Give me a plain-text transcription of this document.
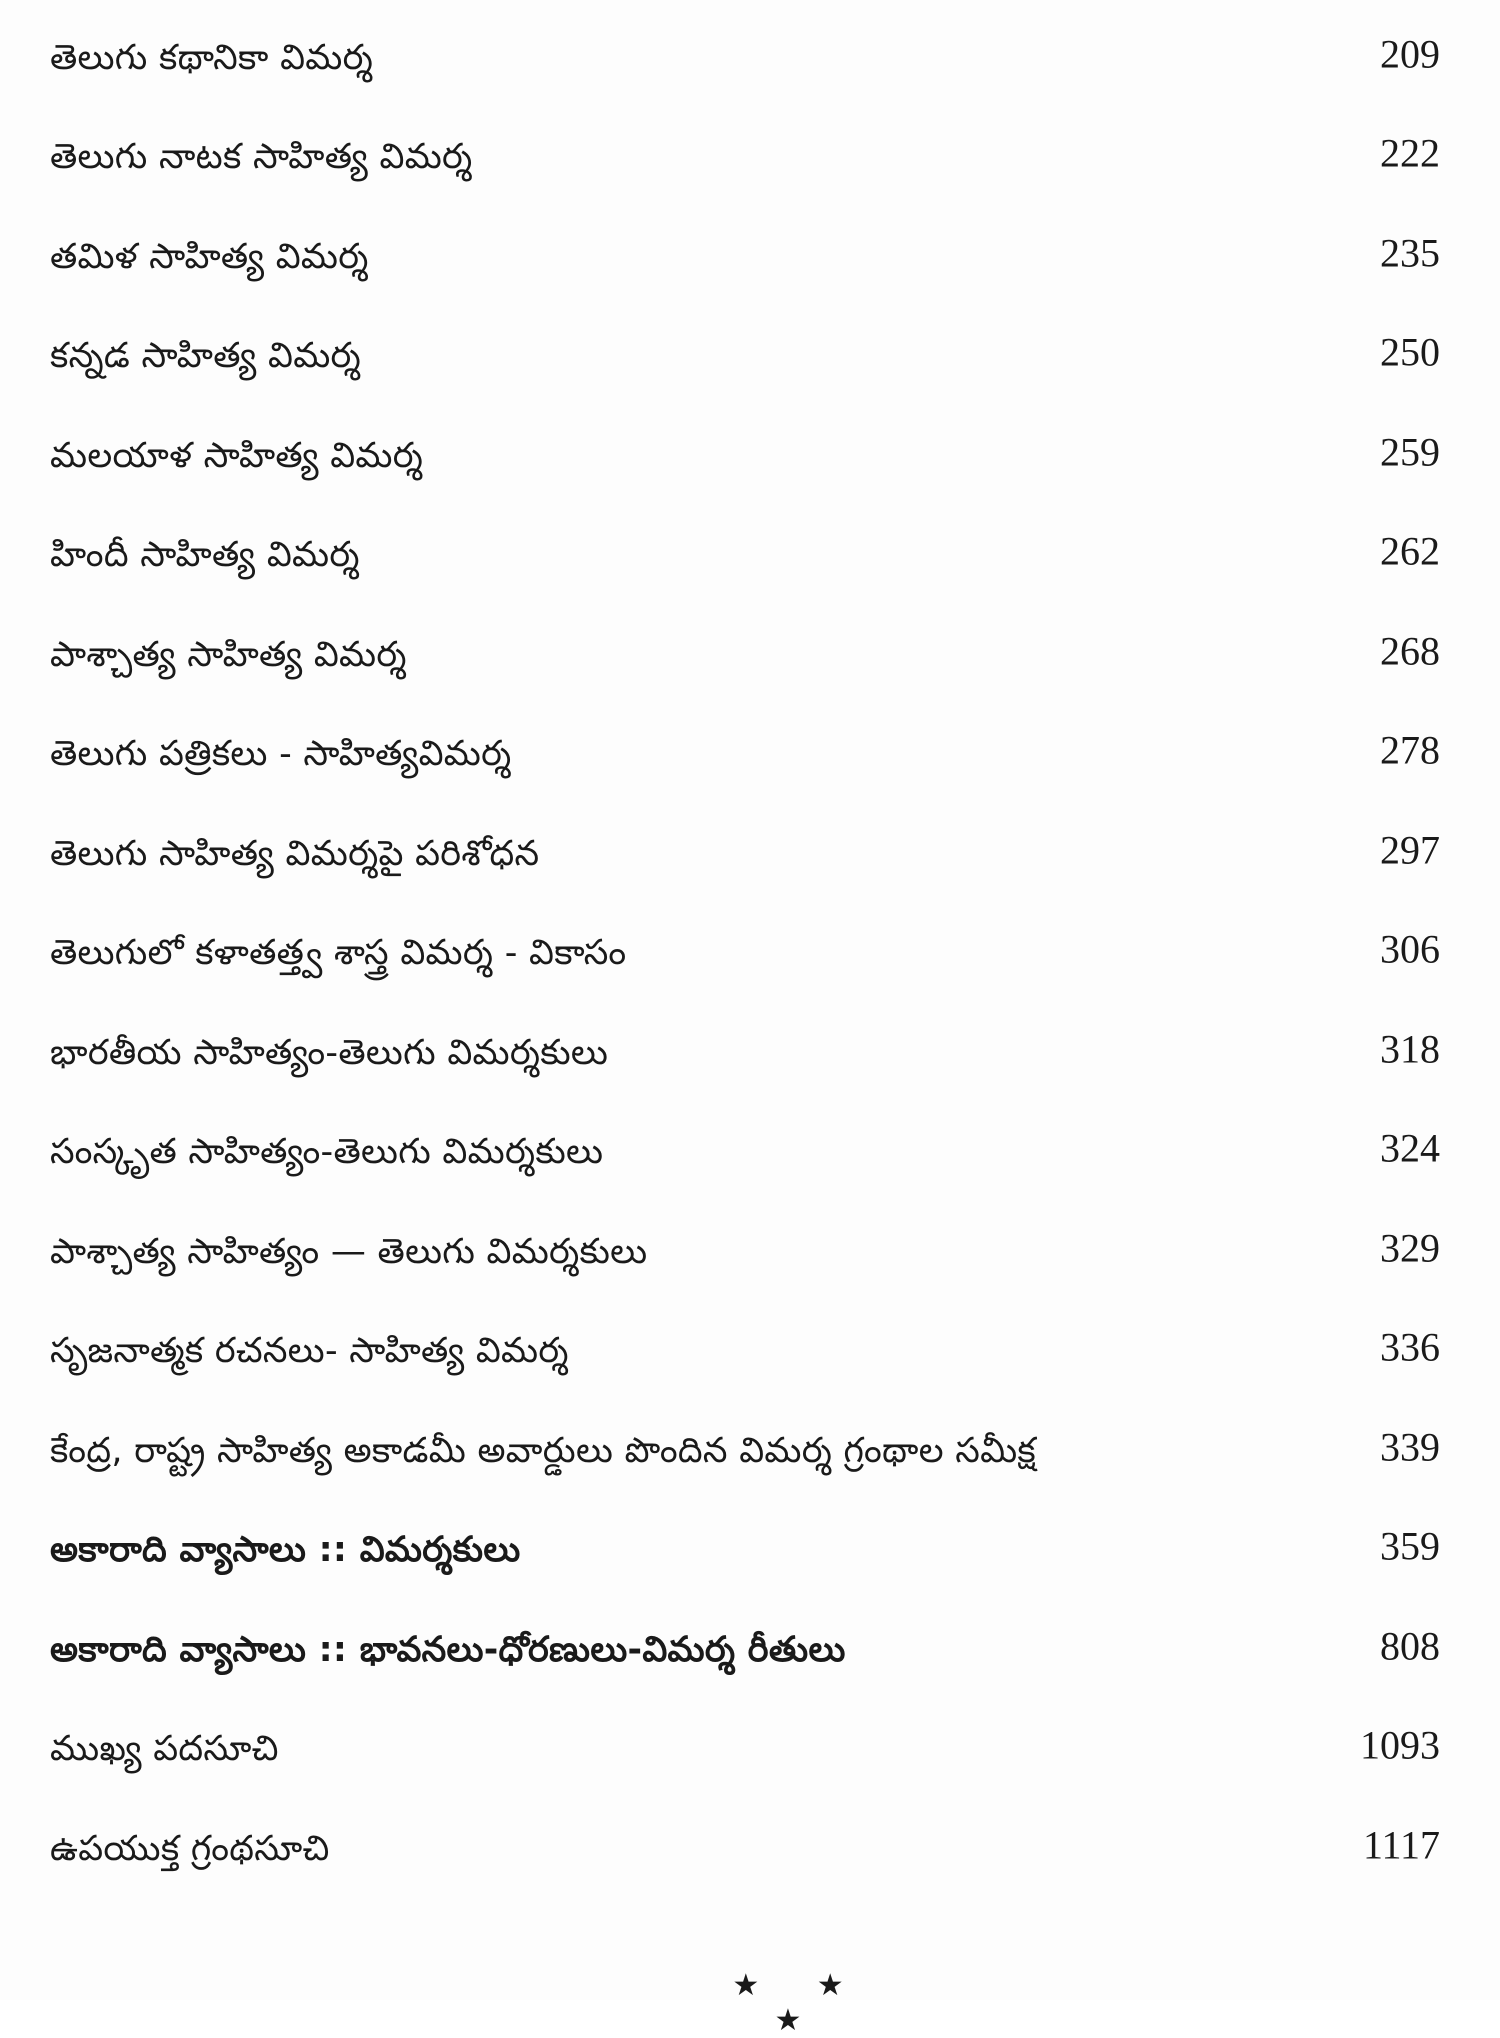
తెలుగు కథానికా విమర్శ	209
తెలుగు నాటక సాహిత్య విమర్శ	222
తమిళ సాహిత్య విమర్శ	235
కన్నడ సాహిత్య విమర్శ	250
మలయాళ సాహిత్య విమర్శ	259
హిందీ సాహిత్య విమర్శ	262
పాశ్చాత్య సాహిత్య విమర్శ	268
తెలుగు పత్రికలు - సాహిత్యవిమర్శ	278
తెలుగు సాహిత్య విమర్శపై పరిశోధన	297
తెలుగులో కళాతత్త్వ శాస్త్ర విమర్శ - వికాసం	306
భారతీయ సాహిత్యం-తెలుగు విమర్శకులు	318
సంస్కృత సాహిత్యం-తెలుగు విమర్శకులు	324
పాశ్చాత్య సాహిత్యం — తెలుగు విమర్శకులు	329
సృజనాత్మక రచనలు- సాహిత్య విమర్శ	336
కేంద్ర, రాష్ట్ర సాహిత్య అకాడమీ అవార్డులు పొందిన విమర్శ గ్రంథాల సమీక్ష	339
అకారాది వ్యాసాలు :: విమర్శకులు	359
అకారాది వ్యాసాలు :: భావనలు-ధోరణులు-విమర్శ రీతులు	808
ముఖ్య పదసూచి	1093
ఉపయుక్త గ్రంథసూచి	1117
★ ★ ★
